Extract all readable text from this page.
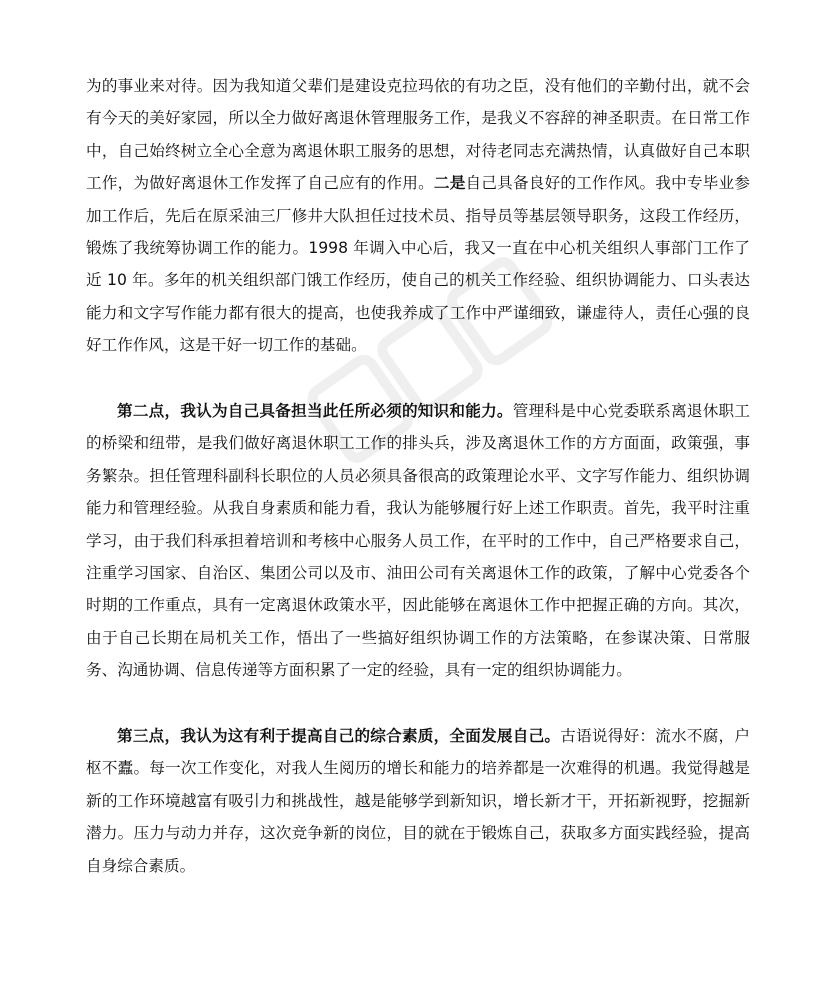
为的事业来对待。因为我知道父辈们是建设克拉玛依的有功之臣，没有他们的辛勤付出，就不会有今天的美好家园，所以全力做好离退休管理服务工作，是我义不容辞的神圣职责。在日常工作中，自己始终树立全心全意为离退休职工服务的思想，对待老同志充满热情，认真做好自己本职工作，为做好离退休工作发挥了自己应有的作用。二是自己具备良好的工作作风。我中专毕业参加工作后，先后在原采油三厂修井大队担任过技术员、指导员等基层领导职务，这段工作经历，锻炼了我统筹协调工作的能力。1998 年调入中心后，我又一直在中心机关组织人事部门工作了近 10 年。多年的机关组织部门饿工作经历，使自己的机关工作经验、组织协调能力、口头表达能力和文字写作能力都有很大的提高，也使我养成了工作中严谨细致，谦虚待人，责任心强的良好工作作风，这是干好一切工作的基础。

第二点，我认为自己具备担当此任所必须的知识和能力。管理科是中心党委联系离退休职工的桥梁和纽带，是我们做好离退休职工工作的排头兵，涉及离退休工作的方方面面，政策强，事务繁杂。担任管理科副科长职位的人员必须具备很高的政策理论水平、文字写作能力、组织协调能力和管理经验。从我自身素质和能力看，我认为能够履行好上述工作职责。首先，我平时注重学习，由于我们科承担着培训和考核中心服务人员工作，在平时的工作中，自己严格要求自己，注重学习国家、自治区、集团公司以及市、油田公司有关离退休工作的政策，了解中心党委各个时期的工作重点，具有一定离退休政策水平，因此能够在离退休工作中把握正确的方向。其次，由于自己长期在局机关工作，悟出了一些搞好组织协调工作的方法策略，在参谋决策、日常服务、沟通协调、信息传递等方面积累了一定的经验，具有一定的组织协调能力。

第三点，我认为这有利于提高自己的综合素质，全面发展自己。古语说得好：流水不腐，户枢不蠹。每一次工作变化，对我人生阅历的增长和能力的培养都是一次难得的机遇。我觉得越是新的工作环境越富有吸引力和挑战性，越是能够学到新知识，增长新才干，开拓新视野，挖掘新潜力。压力与动力并存，这次竞争新的岗位，目的就在于锻炼自己，获取多方面实践经验，提高自身综合素质。
